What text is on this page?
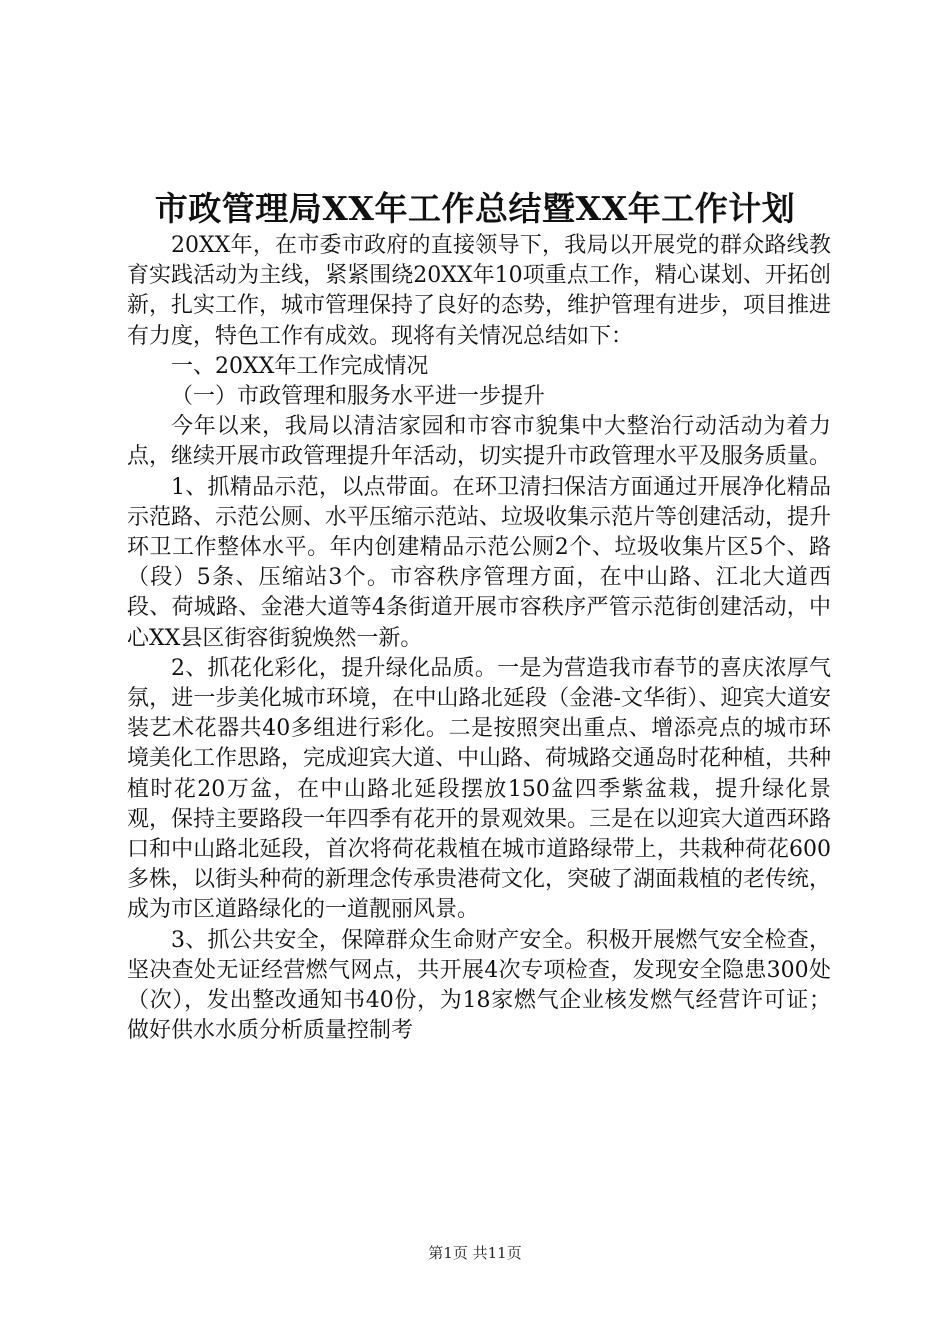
市政管理局XX年工作总结暨XX年工作计划

20XX年，在市委市政府的直接领导下，我局以开展党的群众路线教育实践活动为主线，紧紧围绕20XX年10项重点工作，精心谋划、开拓创新，扎实工作，城市管理保持了良好的态势，维护管理有进步，项目推进有力度，特色工作有成效。现将有关情况总结如下：

一、20XX年工作完成情况

（一）市政管理和服务水平进一步提升

今年以来，我局以清洁家园和市容市貌集中大整治行动活动为着力点，继续开展市政管理提升年活动，切实提升市政管理水平及服务质量。

1、抓精品示范，以点带面。在环卫清扫保洁方面通过开展净化精品示范路、示范公厕、水平压缩示范站、垃圾收集示范片等创建活动，提升环卫工作整体水平。年内创建精品示范公厕2个、垃圾收集片区5个、路（段）5条、压缩站3个。市容秩序管理方面，在中山路、江北大道西段、荷城路、金港大道等4条街道开展市容秩序严管示范街创建活动，中心XX县区街容街貌焕然一新。

2、抓花化彩化，提升绿化品质。一是为营造我市春节的喜庆浓厚气氛，进一步美化城市环境，在中山路北延段（金港-文华街）、迎宾大道安装艺术花器共40多组进行彩化。二是按照突出重点、增添亮点的城市环境美化工作思路，完成迎宾大道、中山路、荷城路交通岛时花种植，共种植时花20万盆，在中山路北延段摆放150盆四季紫盆栽，提升绿化景观，保持主要路段一年四季有花开的景观效果。三是在以迎宾大道西环路口和中山路北延段，首次将荷花栽植在城市道路绿带上，共栽种荷花600多株，以街头种荷的新理念传承贵港荷文化，突破了湖面栽植的老传统，成为市区道路绿化的一道靓丽风景。

3、抓公共安全，保障群众生命财产安全。积极开展燃气安全检查，坚决查处无证经营燃气网点，共开展4次专项检查，发现安全隐患300处（次），发出整改通知书40份，为18家燃气企业核发燃气经营许可证；做好供水水质分析质量控制考

第1页 共11页
